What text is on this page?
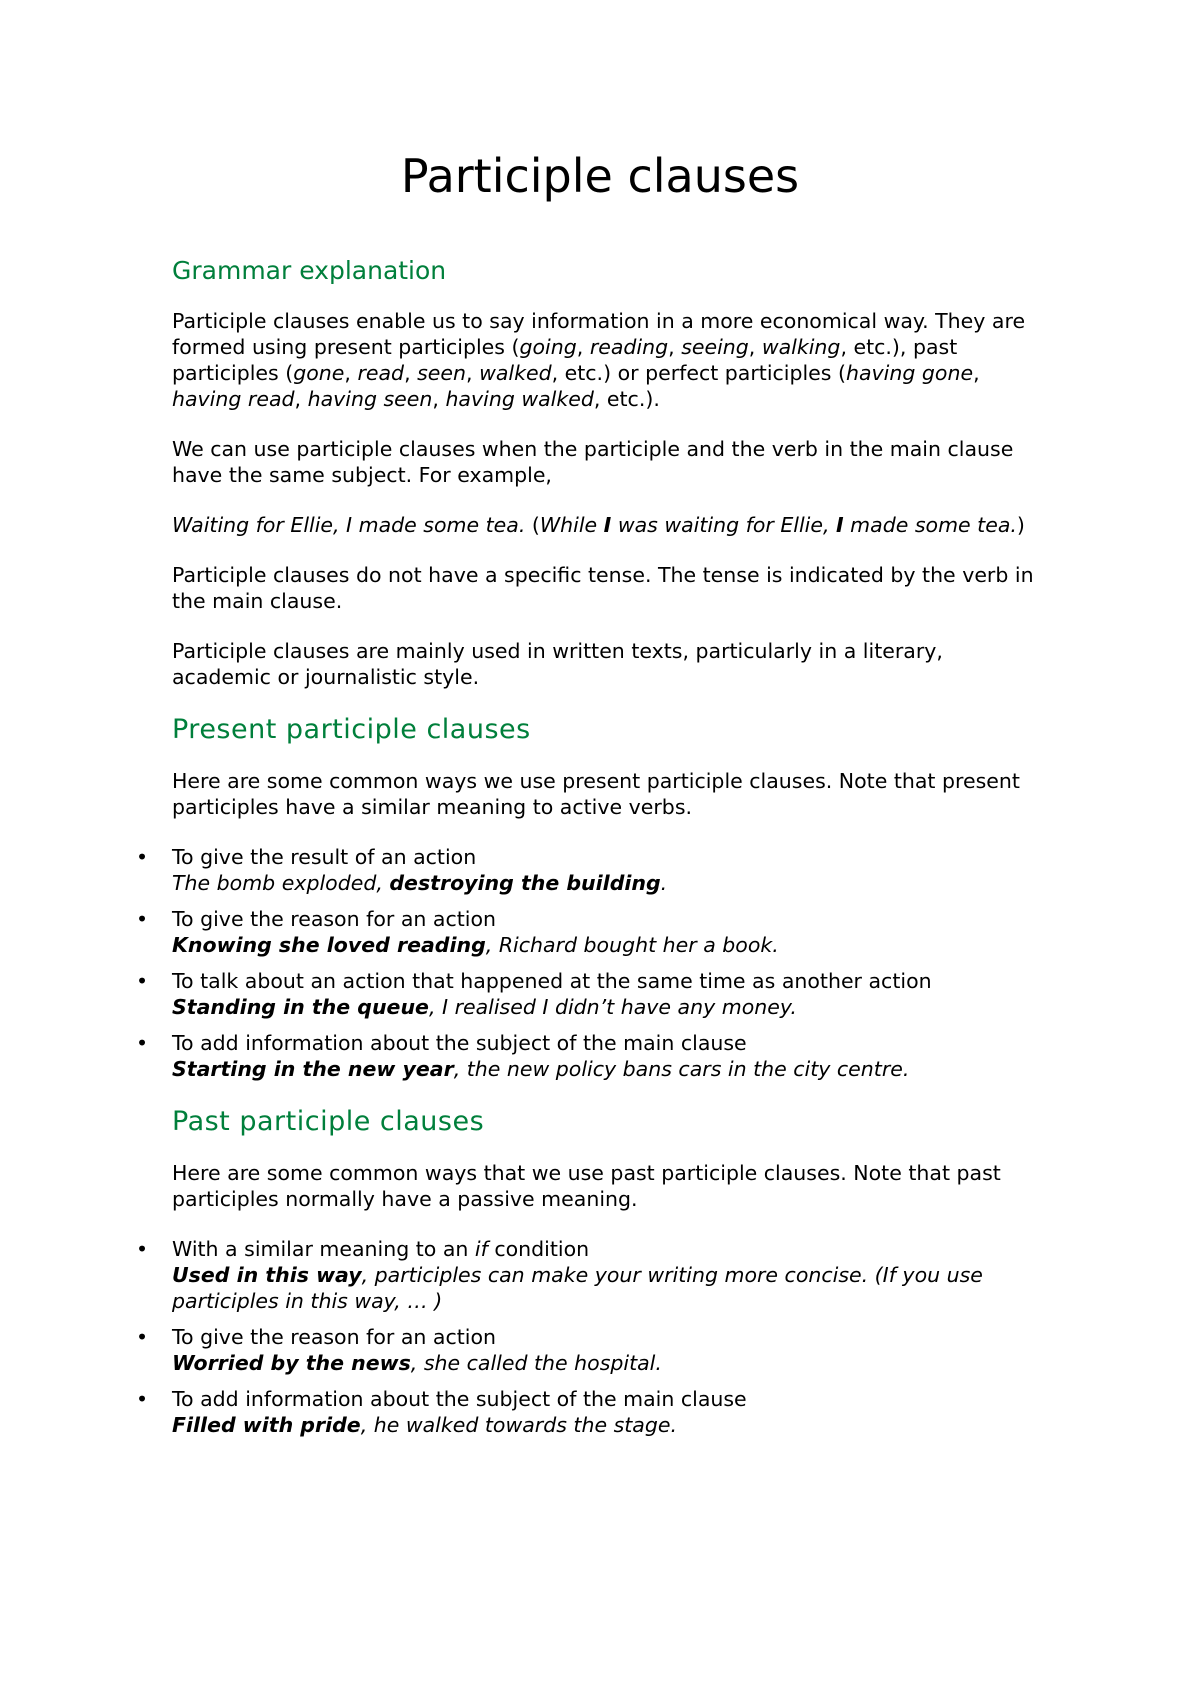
Participle clauses
Grammar explanation

Participle clauses enable us to say information in a more economical way. They are formed using present participles (going, reading, seeing, walking, etc.), past participles (gone, read, seen, walked, etc.) or perfect participles (having gone, having read, having seen, having walked, etc.).

We can use participle clauses when the participle and the verb in the main clause have the same subject. For example,

Waiting for Ellie, I made some tea. (While I was waiting for Ellie, I made some tea.)

Participle clauses do not have a specific tense. The tense is indicated by the verb in the main clause.

Participle clauses are mainly used in written texts, particularly in a literary, academic or journalistic style.

Present participle clauses

Here are some common ways we use present participle clauses. Note that present participles have a similar meaning to active verbs.

• To give the result of an action
The bomb exploded, destroying the building.
• To give the reason for an action
Knowing she loved reading, Richard bought her a book.
• To talk about an action that happened at the same time as another action
Standing in the queue, I realised I didn’t have any money.
• To add information about the subject of the main clause
Starting in the new year, the new policy bans cars in the city centre.
Past participle clauses

Here are some common ways that we use past participle clauses. Note that past participles normally have a passive meaning.

• With a similar meaning to an if condition
Used in this way, participles can make your writing more concise. (If you use participles in this way, … )
• To give the reason for an action
Worried by the news, she called the hospital.
• To add information about the subject of the main clause
Filled with pride, he walked towards the stage.
